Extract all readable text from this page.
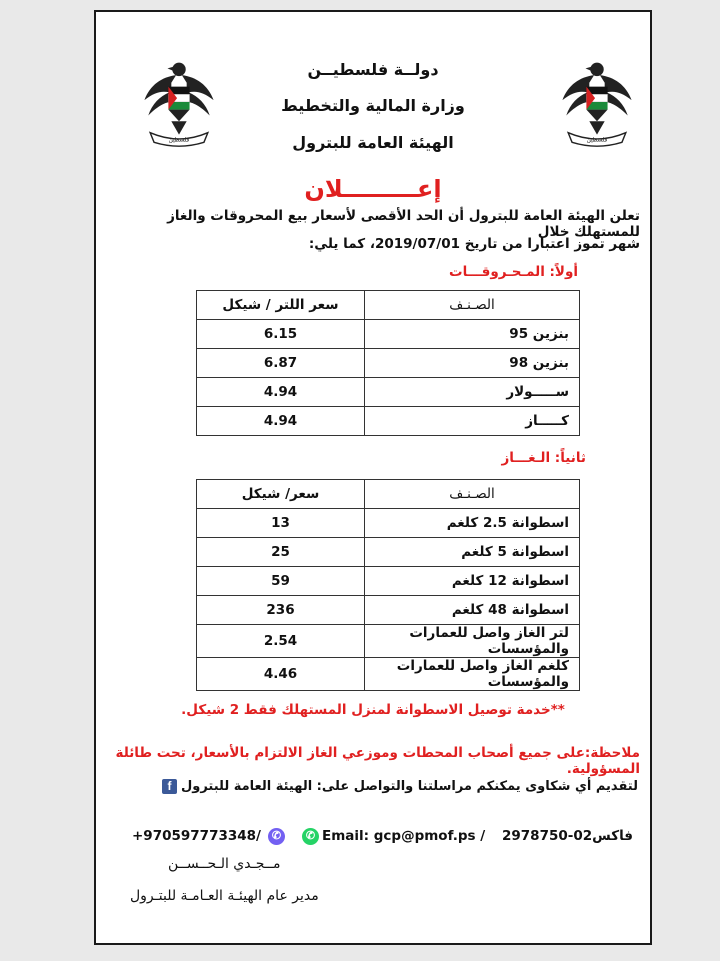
فلسطين	فلسطين
دولــة فلسطيــن
وزارة المالية والتخطيط
الهيئة العامة للبترول
إعـــــــــلان
تعلن الهيئة العامة للبترول أن الحد الأقصى لأسعار بيع المحروقات والغاز للمستهلك خلال
شهر تموز اعتبارا من تاريخ 2019/07/01، كما يلي:
أولاً: المـحـروقـــات
الصـنـف	سعر اللتر / شيكل
بنزين 95	6.15
بنزين 98	6.87
ســـــولار	4.94
كـــــاز	4.94
ثانياً: الـغـــاز
الصـنـف	سعر/ شيكل
اسطوانة 2.5 كلغم	13
اسطوانة 5 كلغم	25
اسطوانة 12 كلغم	59
اسطوانة 48 كلغم	236
لتر الغاز واصل للعمارات والمؤسسات	2.54
كلغم الغاز واصل للعمارات والمؤسسات	4.46
**خدمة توصيل الاسطوانة لمنزل المستهلك فقط 2 شيكل.
ملاحظة:على جميع أصحاب المحطات وموزعي الغاز الالتزام بالأسعار، تحت طائلة المسؤولية.
لتقديم أي شكاوى يمكنكم مراسلتنا والتواصل على: الهيئة العامة للبترول
f
+970597773348/ ✆	✆ Email: gcp@pmof.ps / فاكس02-2978750
مــجـدي الـحــســن
مدير عام الهيئـة العـامـة للبتـرول
